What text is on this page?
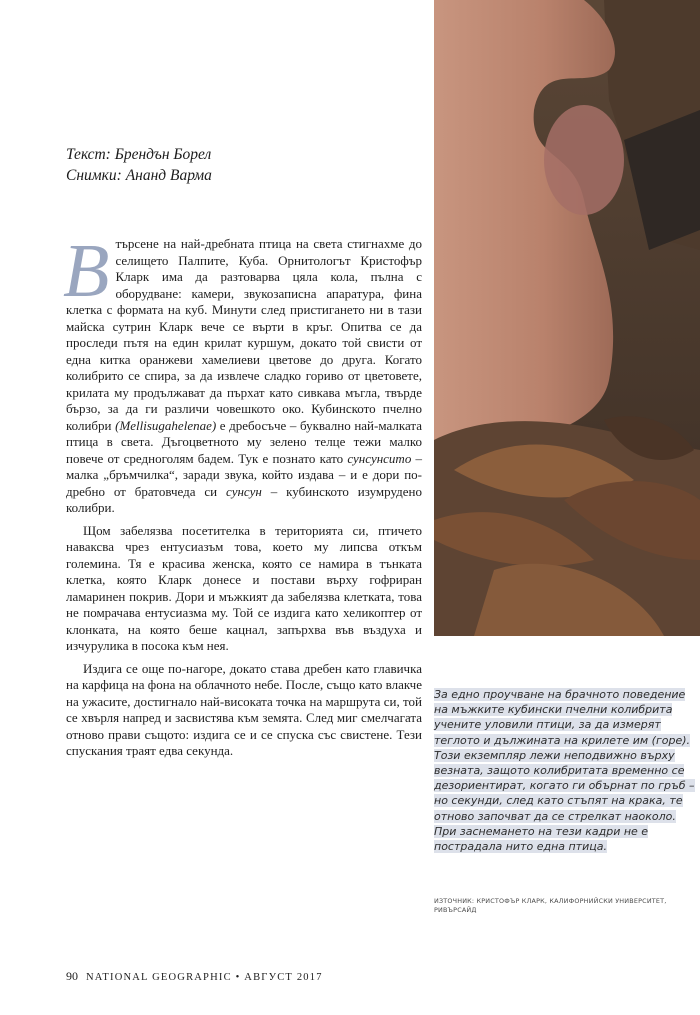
Текст: Брендън Борел
Снимки: Ананд Варма

Втърсене на най-дребната птица на света стигнахме до селището Палпите, Куба. Орнитологът Кристофър Кларк има да разтоварва цяла кола, пълна с оборудване: камери, звукозаписна апаратура, фина клетка с формата на куб. Минути след пристигането ни в тази майска сутрин Кларк вече се върти в кръг. Опитва се да проследи пътя на един крилат куршум, докато той свисти от една китка оранжеви хамелиеви цветове до друга. Когато колибрито се спира, за да извлече сладко гориво от цветовете, крилата му продължават да пърхат като сивкава мъгла, твърде бързо, за да ги различи човешкото око. Кубинското пчелно колибри (Mellisugahelenae) е дребосъче – буквално най-малката птица в света. Дъгоцветното му зелено телце тежи малко повече от средноголям бадем. Тук е познато като сунсунсито – малка „бръмчилка“, заради звука, който издава – и е дори по-дребно от братовчеда си сунсун – кубинското изумрудено колибри.

Щом забелязва посетителка в територията си, птичето наваксва чрез ентусиазъм това, което му липсва откъм големина. Тя е красива женска, която се намира в тънката клетка, която Кларк донесе и постави върху гофриран ламаринен покрив. Дори и мъжкият да забелязва клетката, това не помрачава ентусиазма му. Той се издига като хеликоптер от клонката, на която беше кацнал, запърхва във въздуха и изчурулика в посока към нея.

Издига се още по-нагоре, докато става дребен като главичка на карфица на фона на облачното небе. После, също като влакче на ужасите, достигнало най-високата точка на маршрута си, той се хвърля напред и засвистява към земята. След миг смелчагата отново прави същото: издига се и се спуска със свистене. Тези спускания траят едва секунда.

90 NATIONAL GEOGRAPHIC • АВГУСТ 2017
За едно проучване на брачното поведение на мъжките кубински пчелни колибрита учените уловили птици, за да измерят теглото и дължината на крилете им (горе). Този екземпляр лежи неподвижно върху везната, защото колибритата временно се дезориентират, когато ги обърнат по гръб – но секунди, след като стъпят на крака, те отново започват да се стрелкат наоколо. При заснемането на тези кадри не е пострадала нито една птица.
ИЗТОЧНИК: КРИСТОФЪР КЛАРК, КАЛИФОРНИЙСКИ УНИВЕРСИТЕТ, РИВЪРСАЙД
